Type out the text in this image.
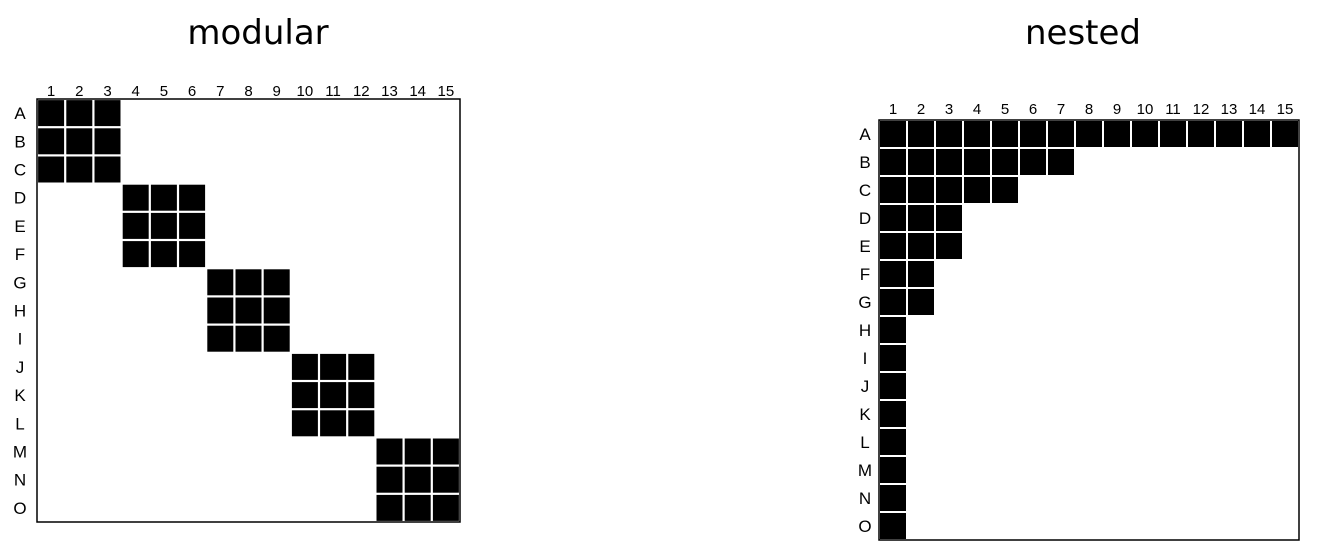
modular	nested
1 2 3 4 5 6 7 8 9 10 11 12 13 14 15
A
B
C
D
E
F
G
H
I
J
K
L
M
N
O
1 2 3 4 5 6 7 8 9 10 11 12 13 14 15
A
B
C
D
E
F
G
H
I
J
K
L
M
N
O
